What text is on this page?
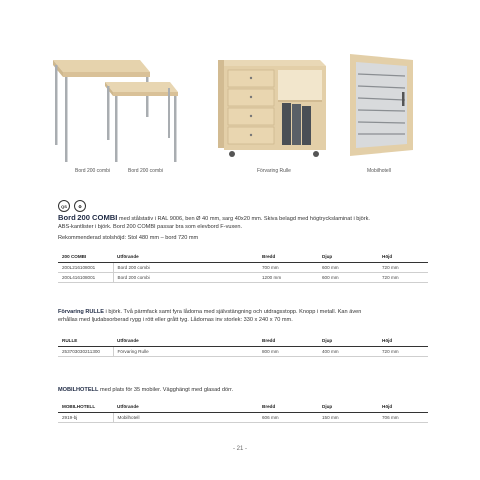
Bord 200 combi	Bord 200 combi	Förvaring Rulle	Mobilhotell
QS	⚙
Bord 200 COMBI med stålstativ i RAL 9006, ben Ø 40 mm, sarg 40x20 mm. Skiva belagd med högtryckslaminat i björk.
ABS-kantlister i björk. Bord 200 COMBI passar bra som elevbord F-vuxen.
Rekommenderad stolshöjd: Stol 480 mm – bord 720 mm
200 COMBI	Utförande	Bredd	Djup	Höjd
200L216108001	Bord 200 combi	700 mm	600 mm	720 mm
200L416108001	Bord 200 combi	1200 mm	600 mm	720 mm
Förvaring RULLE i björk. Två pärmfack samt fyra lådorna med självstängning och utdragsstopp. Knopp i metall. Kan även
erhållas med ljudabsorberad rygg i rött eller grått tyg. Lådornas inv storlek: 330 x 240 x 70 mm.
RULLE	Utförande	Bredd	Djup	Höjd
253703030211300	Förvaring Rulle	800 mm	400 mm	720 mm
MOBILHOTELL med plats för 35 mobiler. Vägghängt med glasad dörr.
MOBILHOTELL	Utförande	Bredd	Djup	Höjd
2919-bj	Mobilhotell	606 mm	150 mm	706 mm
- 21 -
